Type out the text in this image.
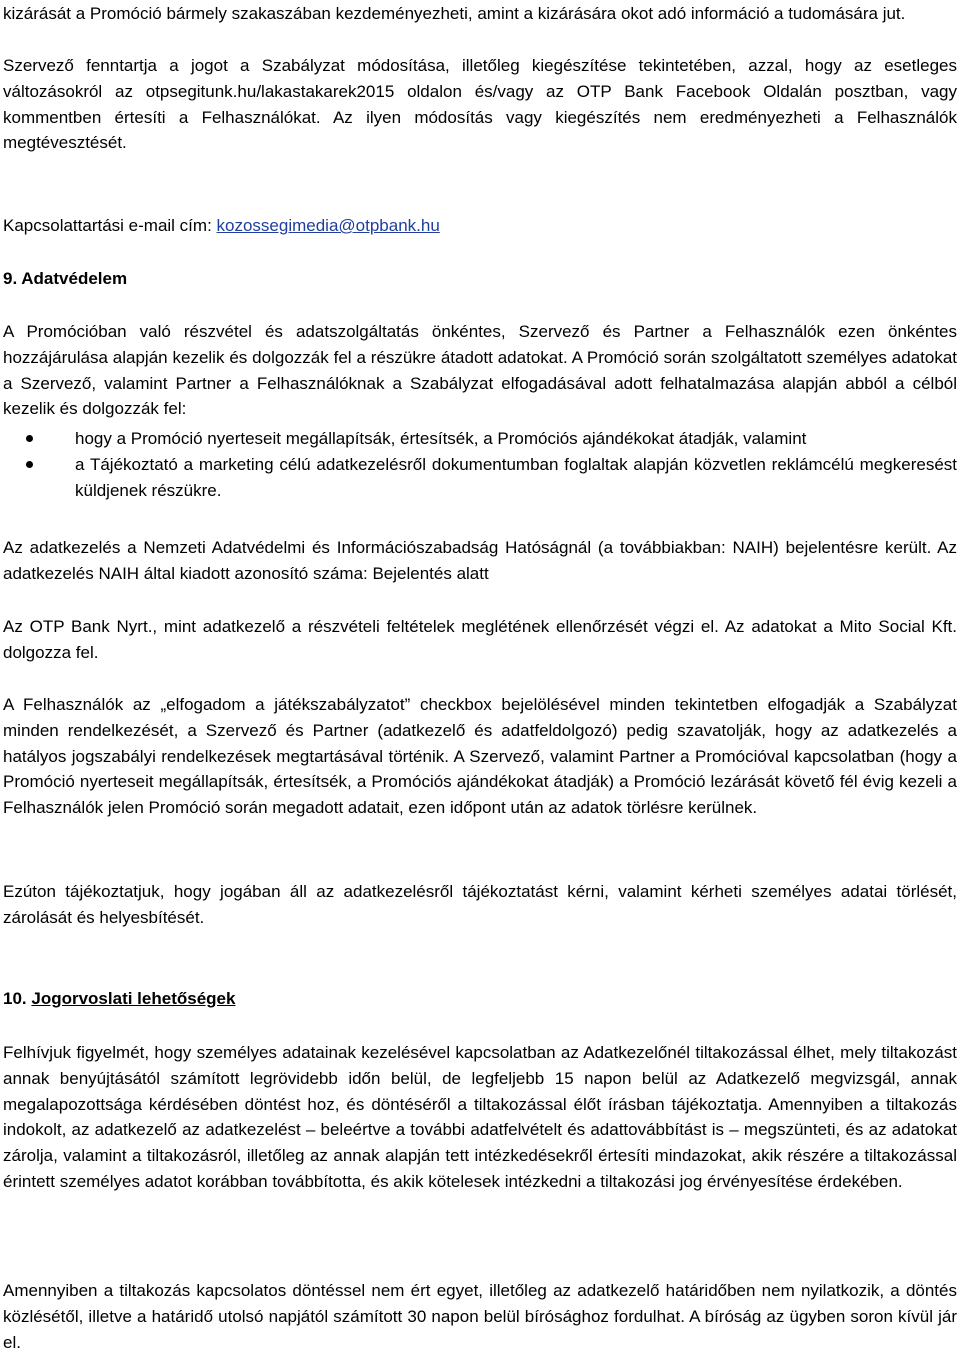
kizárását a Promóció bármely szakaszában kezdeményezheti, amint a kizárására okot adó információ a tudomására jut.

Szervező fenntartja a jogot a Szabályzat módosítása, illetőleg kiegészítése tekintetében, azzal, hogy az esetleges változásokról az otpsegitunk.hu/lakastakarek2015 oldalon és/vagy az OTP Bank Facebook Oldalán posztban, vagy kommentben értesíti a Felhasználókat. Az ilyen módosítás vagy kiegészítés nem eredményezheti a Felhasználók megtévesztését.

Kapcsolattartási e-mail cím: kozossegimedia@otpbank.hu
9. Adatvédelem

A Promócióban való részvétel és adatszolgáltatás önkéntes, Szervező és Partner a Felhasználók ezen önkéntes hozzájárulása alapján kezelik és dolgozzák fel a részükre átadott adatokat. A Promóció során szolgáltatott személyes adatokat a Szervező, valamint Partner a Felhasználóknak a Szabályzat elfogadásával adott felhatalmazása alapján abból a célból kezelik és dolgozzák fel:

hogy a Promóció nyerteseit megállapítsák, értesítsék, a Promóciós ajándékokat átadják, valamint
a Tájékoztató a marketing célú adatkezelésről dokumentumban foglaltak alapján közvetlen reklámcélú megkeresést küldjenek részükre.

Az adatkezelés a Nemzeti Adatvédelmi és Információszabadság Hatóságnál (a továbbiakban: NAIH) bejelentésre került. Az adatkezelés NAIH által kiadott azonosító száma: Bejelentés alatt

Az OTP Bank Nyrt., mint adatkezelő a részvételi feltételek meglétének ellenőrzését végzi el. Az adatokat a Mito Social Kft. dolgozza fel.

A Felhasználók az „elfogadom a játékszabályzatot” checkbox bejelölésével minden tekintetben elfogadják a Szabályzat minden rendelkezését, a Szervező és Partner (adatkezelő és adatfeldolgozó) pedig szavatolják, hogy az adatkezelés a hatályos jogszabályi rendelkezések megtartásával történik. A Szervező, valamint Partner a Promócióval kapcsolatban (hogy a Promóció nyerteseit megállapítsák, értesítsék, a Promóciós ajándékokat átadják) a Promóció lezárását követő fél évig kezeli a Felhasználók jelen Promóció során megadott adatait, ezen időpont után az adatok törlésre kerülnek.

Ezúton tájékoztatjuk, hogy jogában áll az adatkezelésről tájékoztatást kérni, valamint kérheti személyes adatai törlését, zárolását és helyesbítését.

10. Jogorvoslati lehetőségek

Felhívjuk figyelmét, hogy személyes adatainak kezelésével kapcsolatban az Adatkezelőnél tiltakozással élhet, mely tiltakozást annak benyújtásától számított legrövidebb időn belül, de legfeljebb 15 napon belül az Adatkezelő megvizsgál, annak megalapozottsága kérdésében döntést hoz, és döntéséről a tiltakozással élőt írásban tájékoztatja. Amennyiben a tiltakozás indokolt, az adatkezelő az adatkezelést – beleértve a további adatfelvételt és adattovábbítást is – megszünteti, és az adatokat zárolja, valamint a tiltakozásról, illetőleg az annak alapján tett intézkedésekről értesíti mindazokat, akik részére a tiltakozással érintett személyes adatot korábban továbbította, és akik kötelesek intézkedni a tiltakozási jog érvényesítése érdekében.

Amennyiben a tiltakozás kapcsolatos döntéssel nem ért egyet, illetőleg az adatkezelő határidőben nem nyilatkozik, a döntés közlésétől, illetve a határidő utolsó napjától számított 30 napon belül bírósághoz fordulhat. A bíróság az ügyben soron kívül jár el.
